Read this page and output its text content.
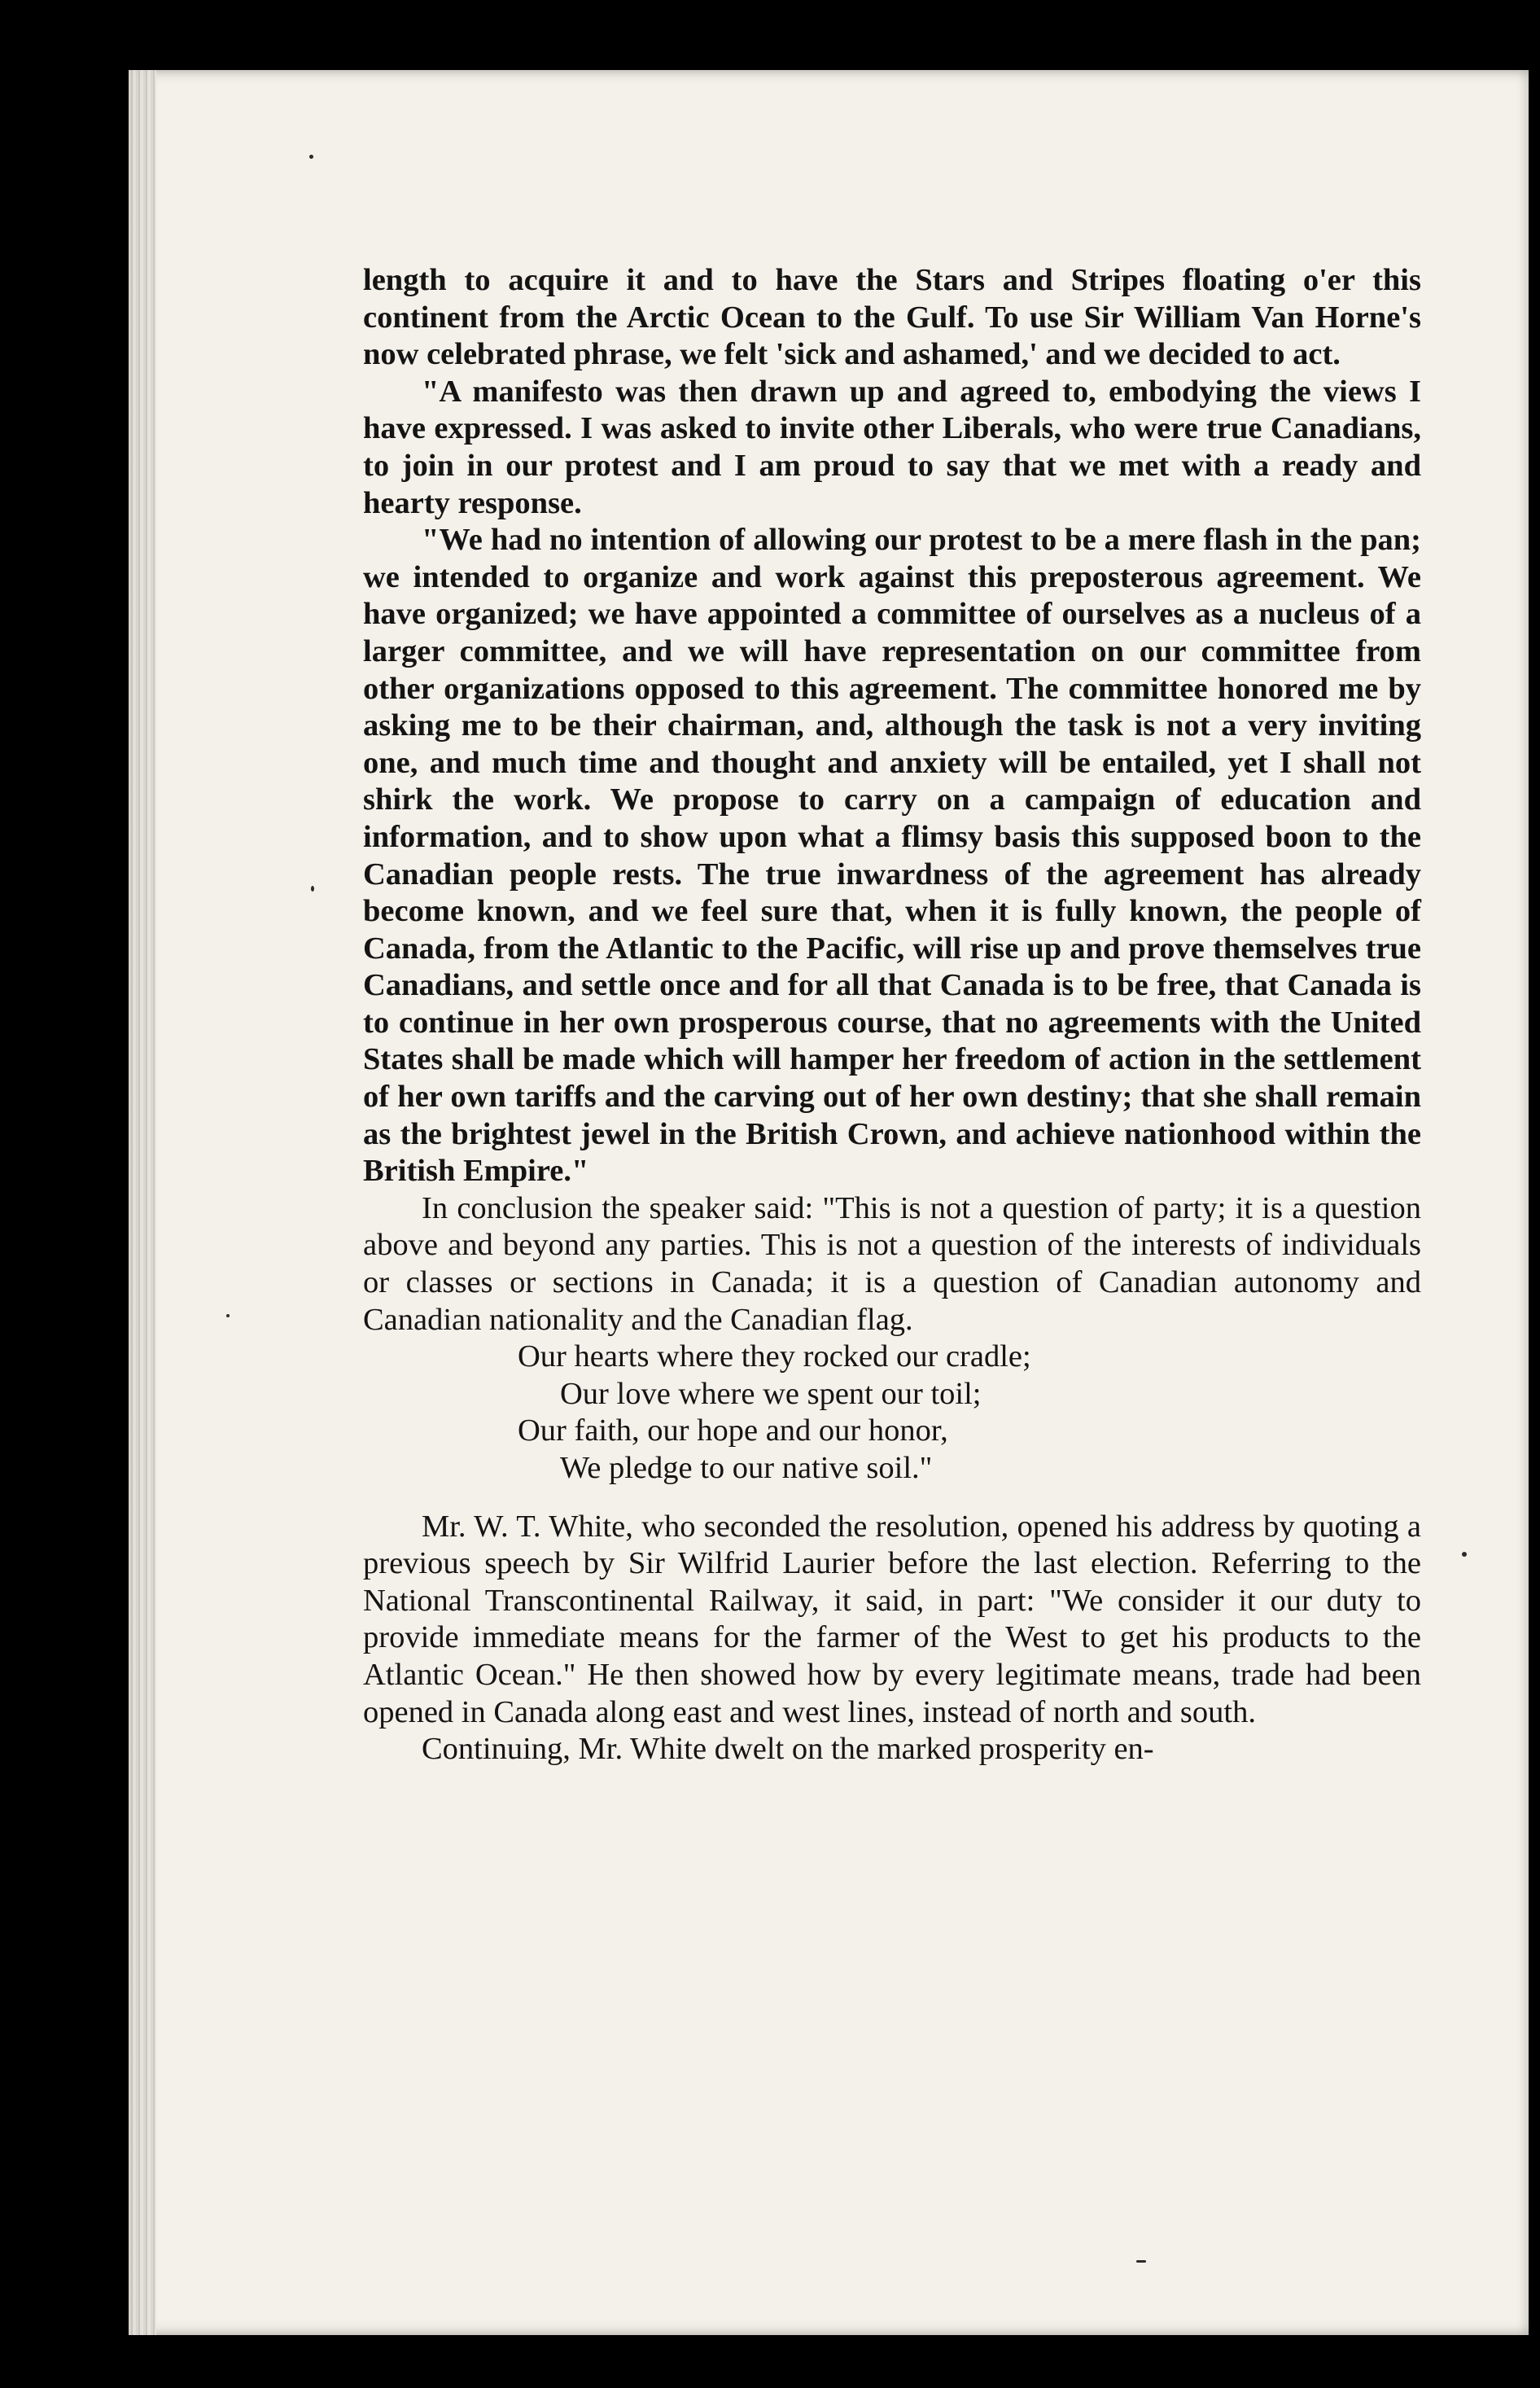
length to acquire it and to have the Stars and Stripes floating o'er this continent from the Arctic Ocean to the Gulf. To use Sir William Van Horne's now celebrated phrase, we felt 'sick and ashamed,' and we decided to act.

"A manifesto was then drawn up and agreed to, embodying the views I have expressed. I was asked to invite other Liberals, who were true Canadians, to join in our protest and I am proud to say that we met with a ready and hearty response.

"We had no intention of allowing our protest to be a mere flash in the pan; we intended to organize and work against this preposterous agreement. We have organized; we have appointed a committee of ourselves as a nucleus of a larger committee, and we will have representation on our committee from other organizations opposed to this agreement. The committee honored me by asking me to be their chairman, and, although the task is not a very inviting one, and much time and thought and anxiety will be entailed, yet I shall not shirk the work. We propose to carry on a campaign of education and information, and to show upon what a flimsy basis this supposed boon to the Canadian people rests. The true inwardness of the agreement has already become known, and we feel sure that, when it is fully known, the people of Canada, from the Atlantic to the Pacific, will rise up and prove themselves true Canadians, and settle once and for all that Canada is to be free, that Canada is to continue in her own prosperous course, that no agreements with the United States shall be made which will hamper her freedom of action in the settlement of her own tariffs and the carving out of her own destiny; that she shall remain as the brightest jewel in the British Crown, and achieve nationhood within the British Empire."

In conclusion the speaker said: "This is not a question of party; it is a question above and beyond any parties. This is not a question of the interests of individuals or classes or sections in Canada; it is a question of Canadian autonomy and Canadian nationality and the Canadian flag.

Our hearts where they rocked our cradle;
Our love where we spent our toil;
Our faith, our hope and our honor,
We pledge to our native soil."

Mr. W. T. White, who seconded the resolution, opened his address by quoting a previous speech by Sir Wilfrid Laurier before the last election. Referring to the National Transcontinental Railway, it said, in part: "We consider it our duty to provide immediate means for the farmer of the West to get his products to the Atlantic Ocean." He then showed how by every legitimate means, trade had been opened in Canada along east and west lines, instead of north and south.

Continuing, Mr. White dwelt on the marked prosperity en-
